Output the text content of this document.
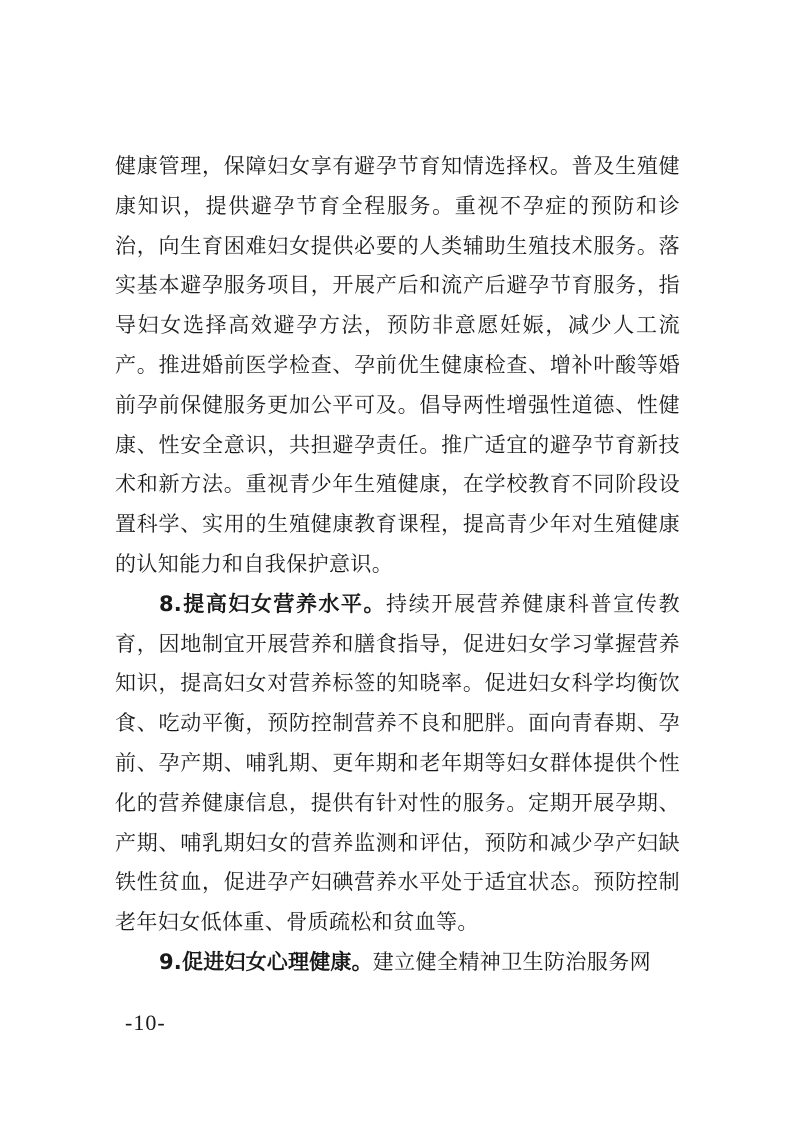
健康管理，保障妇女享有避孕节育知情选择权。普及生殖健康知识，提供避孕节育全程服务。重视不孕症的预防和诊治，向生育困难妇女提供必要的人类辅助生殖技术服务。落实基本避孕服务项目，开展产后和流产后避孕节育服务，指导妇女选择高效避孕方法，预防非意愿妊娠，减少人工流产。推进婚前医学检查、孕前优生健康检查、增补叶酸等婚前孕前保健服务更加公平可及。倡导两性增强性道德、性健康、性安全意识，共担避孕责任。推广适宜的避孕节育新技术和新方法。重视青少年生殖健康，在学校教育不同阶段设置科学、实用的生殖健康教育课程，提高青少年对生殖健康的认知能力和自我保护意识。

8.提高妇女营养水平。持续开展营养健康科普宣传教育，因地制宜开展营养和膳食指导，促进妇女学习掌握营养知识，提高妇女对营养标签的知晓率。促进妇女科学均衡饮食、吃动平衡，预防控制营养不良和肥胖。面向青春期、孕前、孕产期、哺乳期、更年期和老年期等妇女群体提供个性化的营养健康信息，提供有针对性的服务。定期开展孕期、产期、哺乳期妇女的营养监测和评估，预防和减少孕产妇缺铁性贫血，促进孕产妇碘营养水平处于适宜状态。预防控制老年妇女低体重、骨质疏松和贫血等。

9.促进妇女心理健康。建立健全精神卫生防治服务网

-10-
